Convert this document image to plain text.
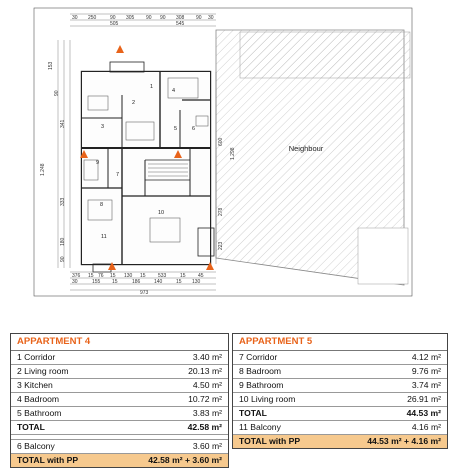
Neighbour
1
2
3
4
5	6
7
8
9
10
11
30 250	90 305 90 90 308 90 30
505	545
376 15 76 15 130 15 533	15 45
30	155 15	186	140	15 130
973
153
90
341
1.248
333
180
90
600
1.298
278
223
APPARTMENT 4
1 Corridor	3.40 m²
2 Living room	20.13 m²
3 Kitchen	4.50 m²
4 Badroom	10.72 m²
5 Bathroom	3.83 m²
TOTAL	42.58 m²
6 Balcony	3.60 m²
TOTAL with PP	42.58 m² + 3.60 m²
APPARTMENT 5
7 Corridor	4.12 m²
8 Badroom	9.76 m²
9 Bathroom	3.74 m²
10 Living room	26.91 m²
TOTAL	44.53 m²
11 Balcony	4.16 m²
TOTAL with PP	44.53 m² + 4.16 m²
